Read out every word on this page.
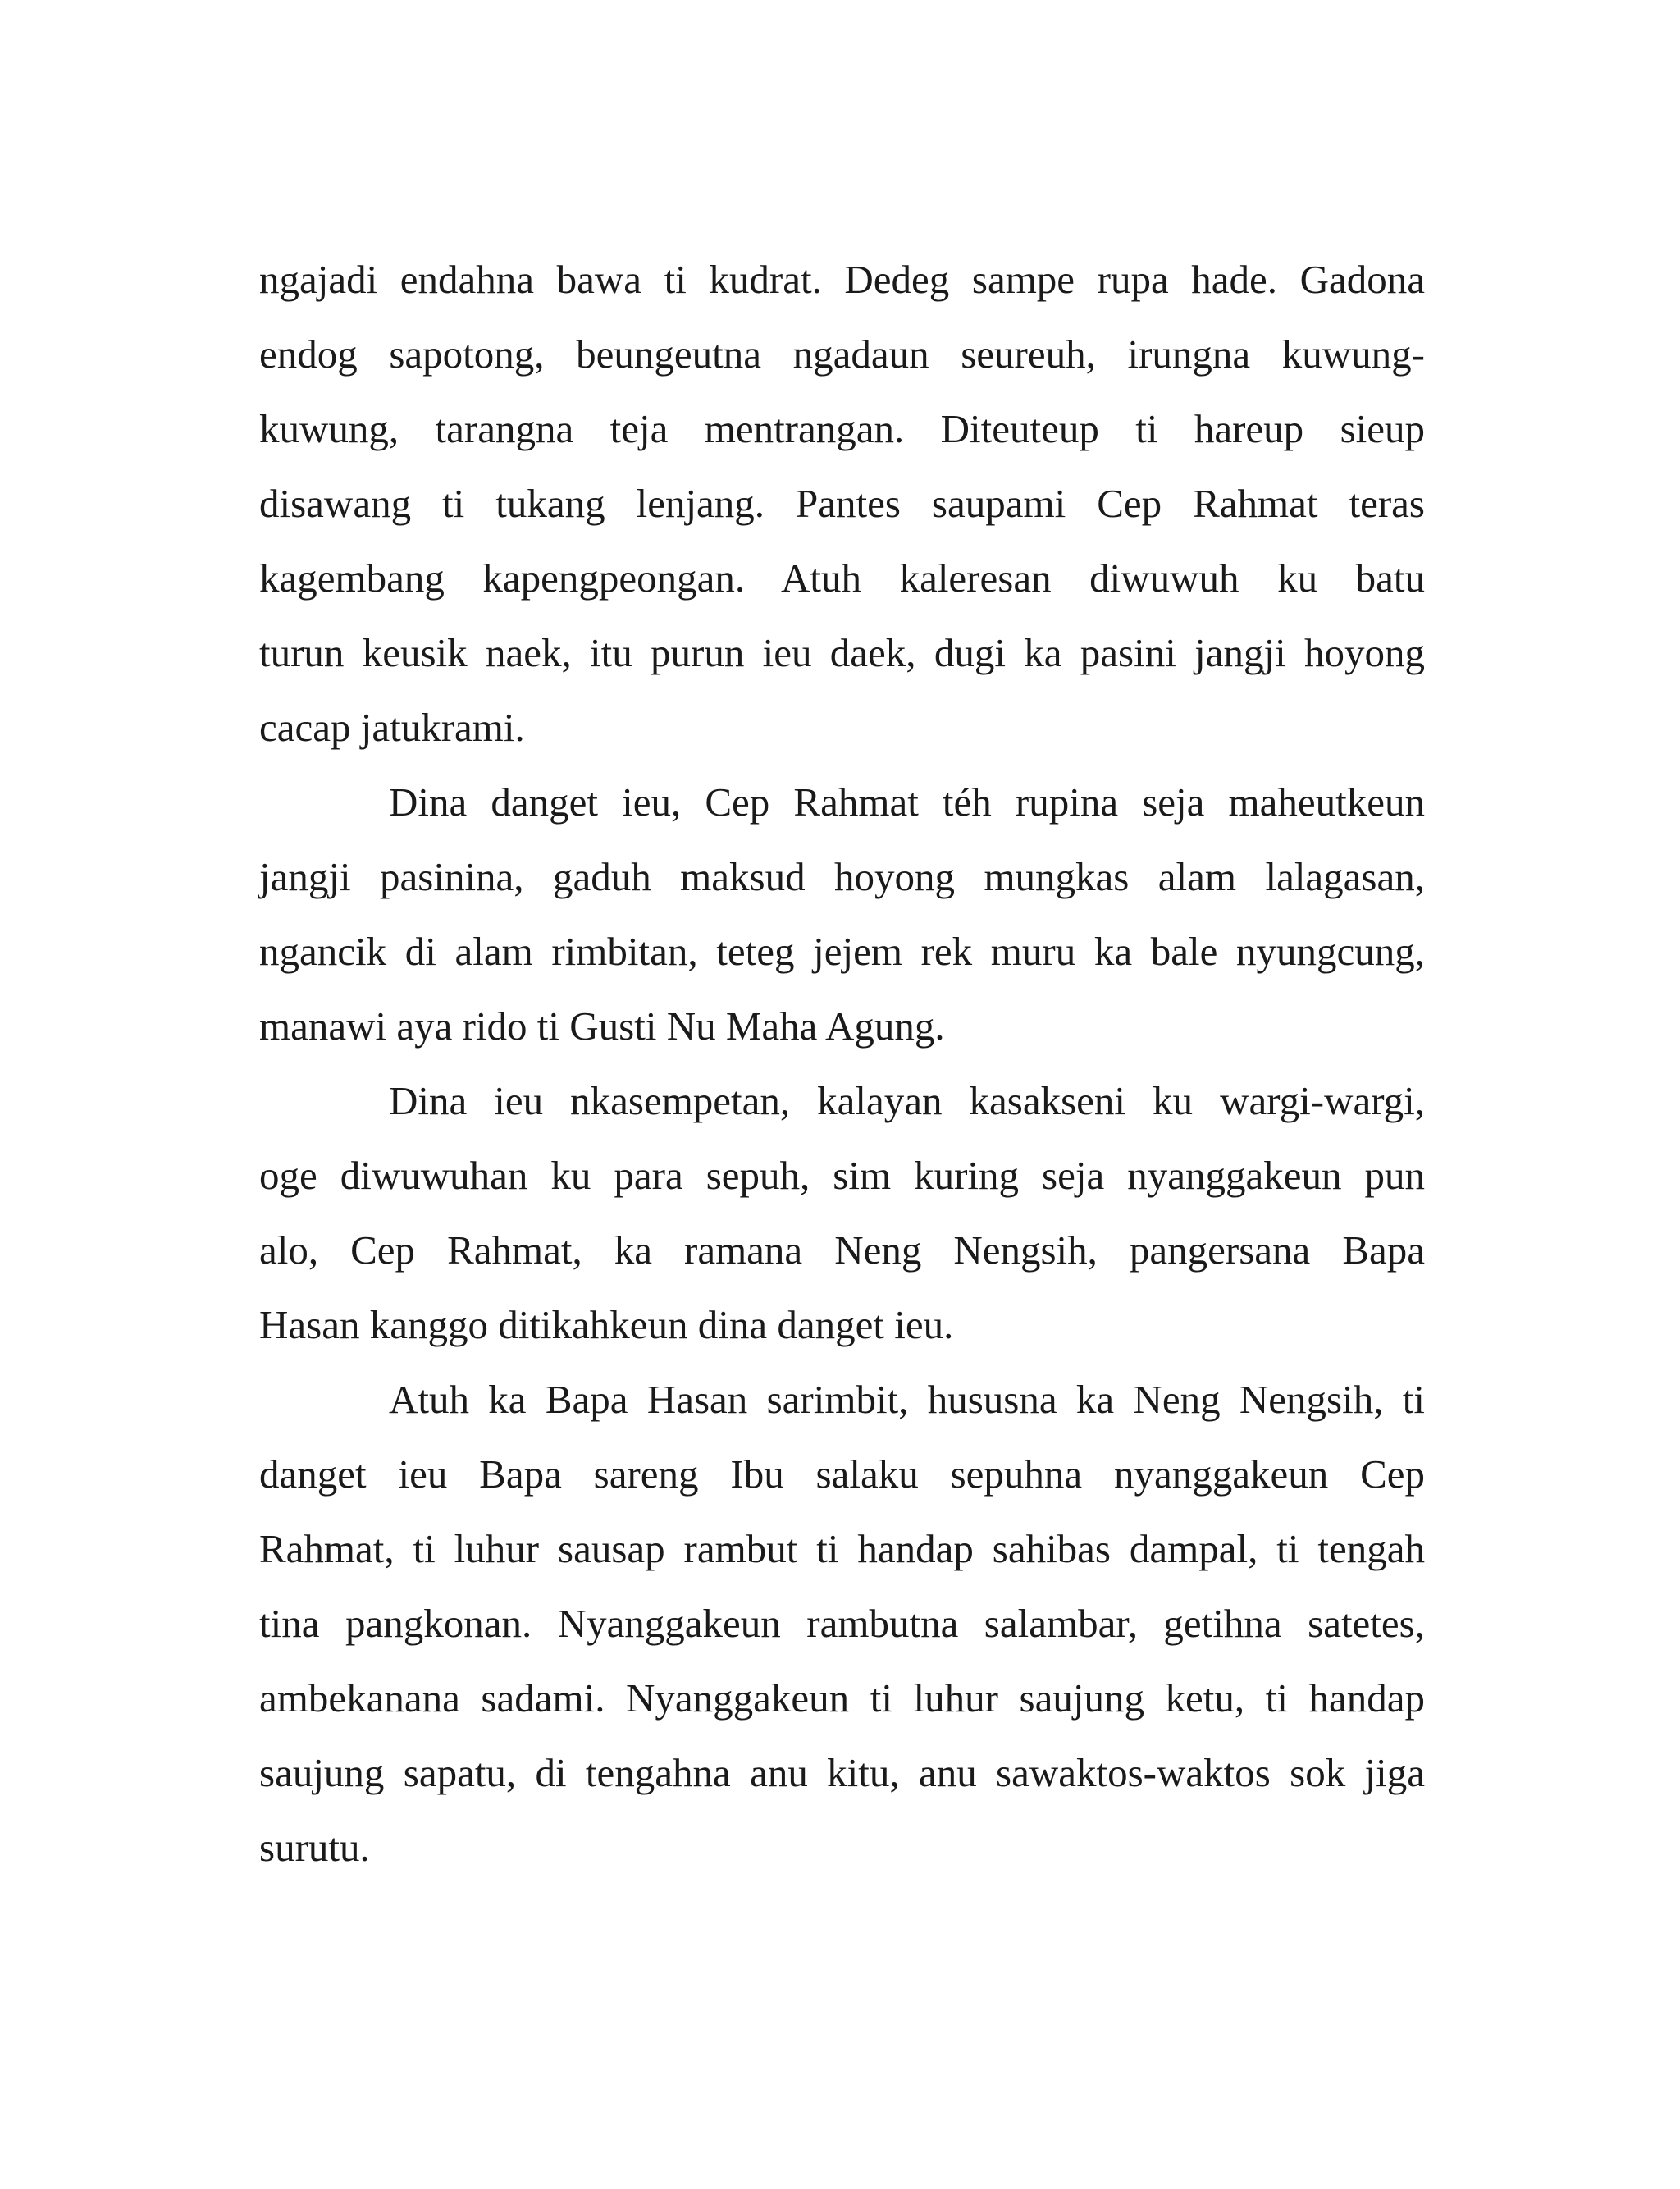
ngajadi endahna bawa ti kudrat. Dedeg sampe rupa hade. Gadona
endog sapotong, beungeutna ngadaun seureuh, irungna kuwung-
kuwung, tarangna teja mentrangan. Diteuteup ti hareup sieup
disawang ti tukang lenjang. Pantes saupami Cep Rahmat teras
kagembang kapengpeongan. Atuh kaleresan diwuwuh ku batu
turun keusik naek, itu purun ieu daek, dugi ka pasini jangji hoyong
cacap jatukrami.
Dina danget ieu, Cep Rahmat téh rupina seja maheutkeun
jangji pasinina, gaduh maksud hoyong mungkas alam lalagasan,
ngancik di alam rimbitan, teteg jejem rek muru ka bale nyungcung,
manawi aya rido ti Gusti Nu Maha Agung.
Dina ieu nkasempetan, kalayan kasakseni ku wargi-wargi,
oge diwuwuhan ku para sepuh, sim kuring seja nyanggakeun pun
alo, Cep Rahmat, ka ramana Neng Nengsih, pangersana Bapa
Hasan kanggo ditikahkeun dina danget ieu.
Atuh ka Bapa Hasan sarimbit, hususna ka Neng Nengsih, ti
danget ieu Bapa sareng Ibu salaku sepuhna nyanggakeun Cep
Rahmat, ti luhur sausap rambut ti handap sahibas dampal, ti tengah
tina pangkonan. Nyanggakeun rambutna salambar, getihna satetes,
ambekanana sadami. Nyanggakeun ti luhur saujung ketu, ti handap
saujung sapatu, di tengahna anu kitu, anu sawaktos-waktos sok jiga
surutu.
